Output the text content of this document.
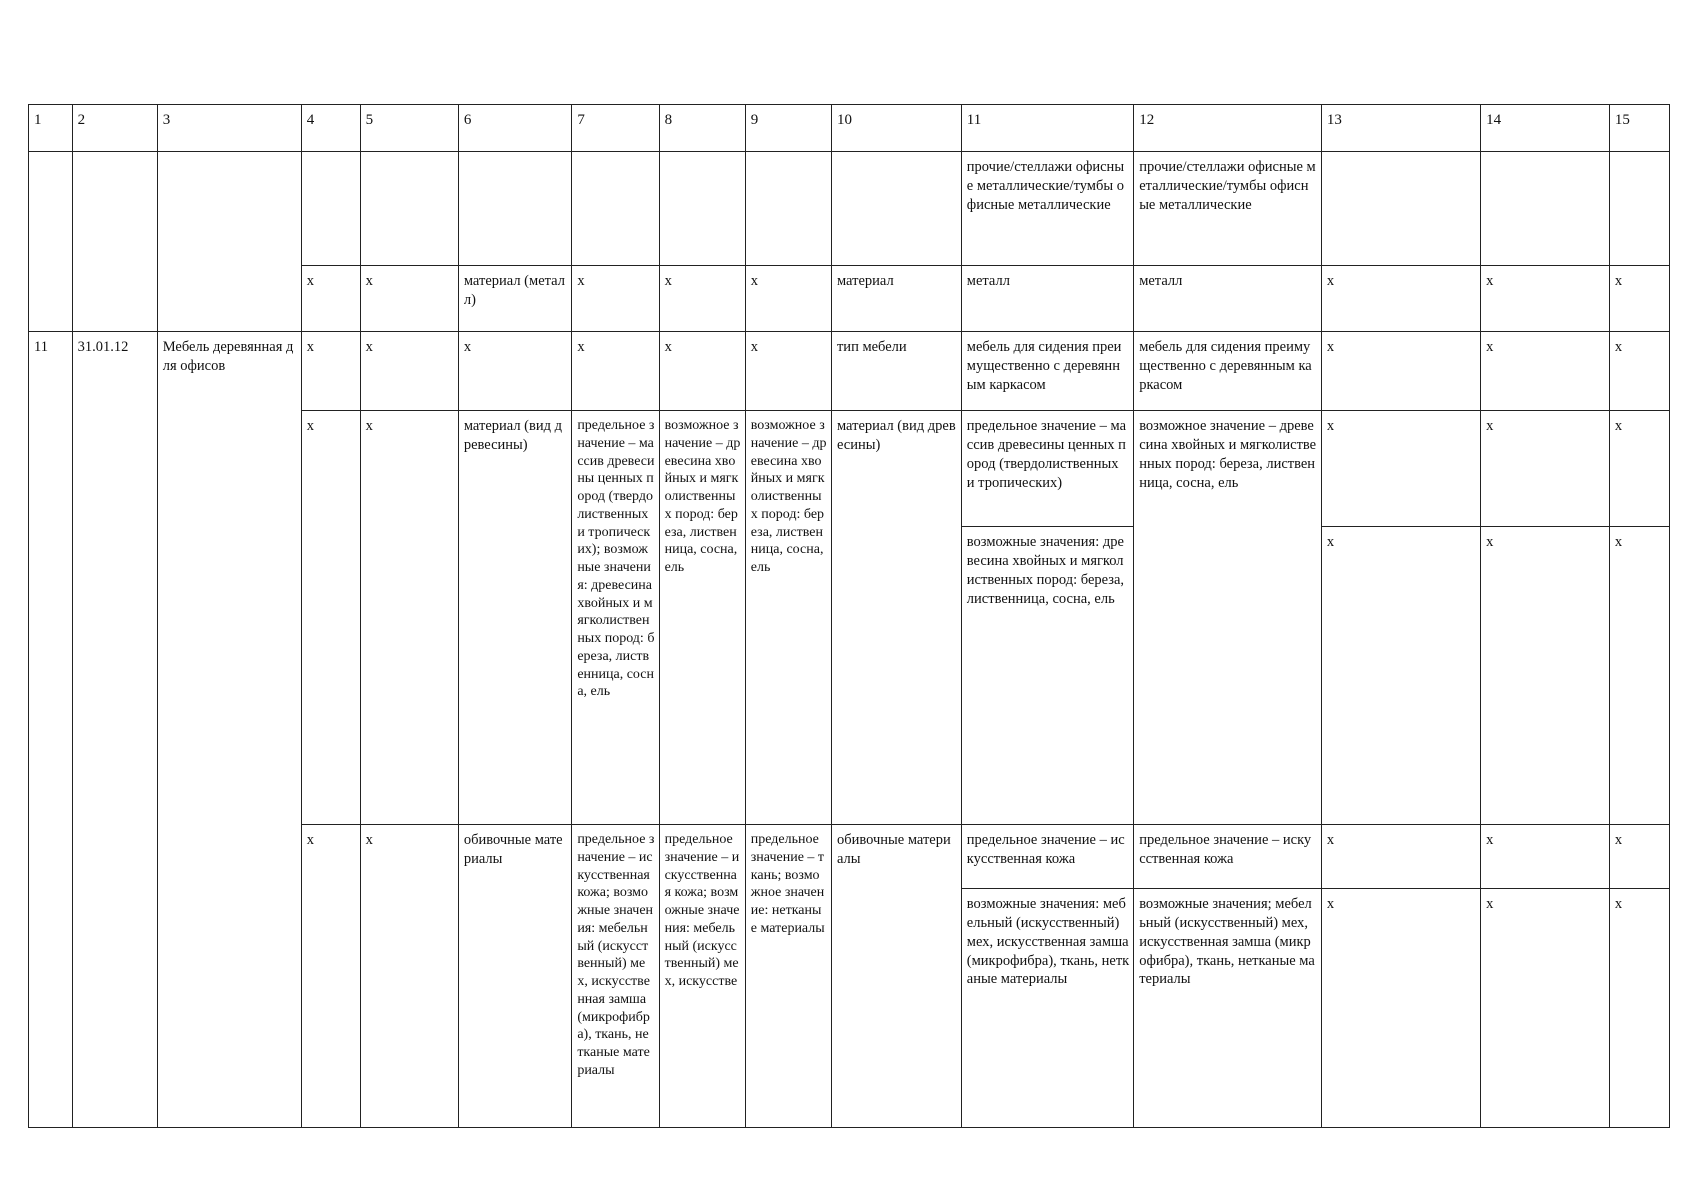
1	2	3	4	5	6	7	8	9	10	11	12	13	14	15
										прочие/стеллажи офисные металлические/тумбы офисные металлические	прочие/стеллажи офисные металлические/тумбы офисные металлические			
			x	x	материал (металл)	x	x	x	материал	металл	металл	x	x	x
11	31.01.12	Мебель деревянная для офисов	x	x	x	x	x	x	тип мебели	мебель для сидения преимущественно с деревянным каркасом	мебель для сидения преимущественно с деревянным каркасом	x	x	x
			x	x	материал (вид древесины)	предельное значение – массив древесины ценных пород (твердолиственных и тропических); возможные значения: древесина хвойных и мягколиственных пород: береза, лиственница, сосна, ель	возможное значение – древесина хвойных и мягколиственных пород: береза, лиственница, сосна, ель	возможное значение – древесина хвойных и мягколиственных пород: береза, лиственница, сосна, ель	материал (вид древесины)	предельное значение – массив древесины ценных пород (твердолиственных и тропических)	возможное значение – древесина хвойных и мягколиственных пород: береза, лиственница, сосна, ель	x	x	x
										возможные значения: древесина хвойных и мягколиственных пород: береза, лиственница, сосна, ель		x	x	x
			x	x	обивочные материалы	предельное значение – искусственная кожа; возможные значения: мебельный (искусственный) мех, искусственная замша (микрофибра), ткань, нетканые материалы	предельное значение – искусственная кожа; возможные значения: мебельный (искусственный) мех, искусстве	предельное значение – ткань; возможное значение: нетканые материалы	обивочные материалы	предельное значение – искусственная кожа	предельное значение – искусственная кожа	x	x	x
										возможные значения: мебельный (искусственный) мех, искусственная замша (микрофибра), ткань, нетканые материалы	возможные значения; мебельный (искусственный) мех, искусственная замша (микрофибра), ткань, нетканые материалы	x	x	x
